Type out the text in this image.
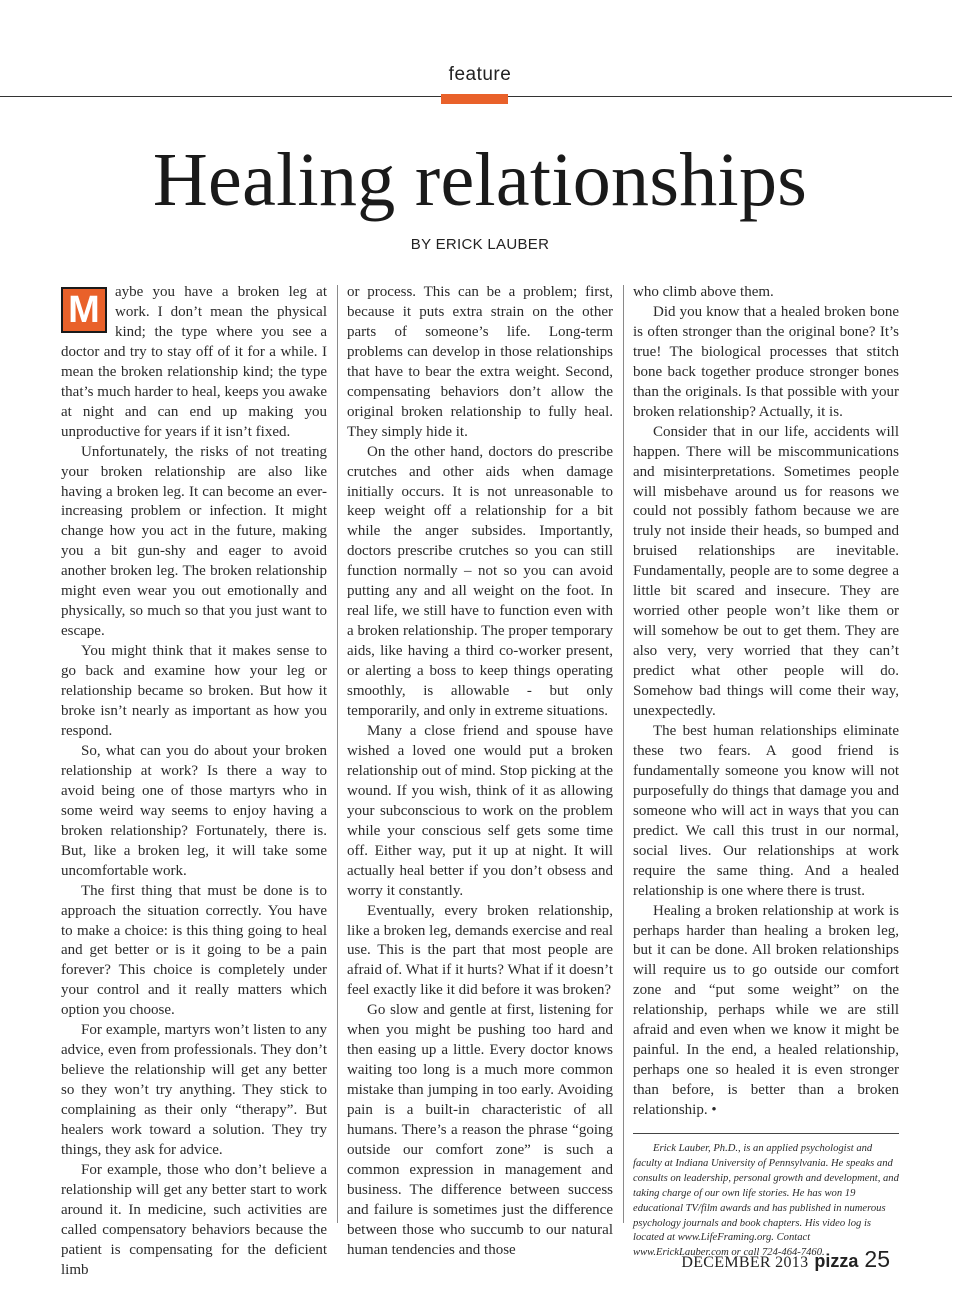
feature
Healing relationships
BY ERICK LAUBER

M	aybe you have a broken leg at work. I don’t mean the physical kind; the type where you see a doctor and try to stay off of it for a while. I mean the broken relationship kind; the type that’s much harder to heal, keeps you awake at night and can end up making you unproductive for years if it isn’t fixed.

Unfortunately, the risks of not treating your broken relationship are also like having a broken leg. It can become an ever-increasing problem or infection. It might change how you act in the future, making you a bit gun-shy and eager to avoid another broken leg. The broken relationship might even wear you out emotionally and physically, so much so that you just want to escape.

You might think that it makes sense to go back and examine how your leg or relationship became so broken. But how it broke isn’t nearly as important as how you respond.

So, what can you do about your broken relationship at work? Is there a way to avoid being one of those martyrs who in some weird way seems to enjoy having a broken relationship? Fortunately, there is. But, like a broken leg, it will take some uncomfortable work.

The first thing that must be done is to approach the situation correctly. You have to make a choice: is this thing going to heal and get better or is it going to be a pain forever? This choice is completely under your control and it really matters which option you choose.

For example, martyrs won’t listen to any advice, even from professionals. They don’t believe the relationship will get any better so they won’t try anything. They stick to complaining as their only “therapy”. But healers work toward a solution. They try things, they ask for advice.

For example, those who don’t believe a relationship will get any better start to work around it. In medicine, such activities are called compensatory behaviors because the patient is compensating for the deficient limb

or process. This can be a problem; first, because it puts extra strain on the other parts of someone’s life. Long-term problems can develop in those relationships that have to bear the extra weight. Second, compensating behaviors don’t allow the original broken relationship to fully heal. They simply hide it.

On the other hand, doctors do prescribe crutches and other aids when damage initially occurs. It is not unreasonable to keep weight off a relationship for a bit while the anger subsides. Importantly, doctors prescribe crutches so you can still function normally – not so you can avoid putting any and all weight on the foot. In real life, we still have to function even with a broken relationship. The proper temporary aids, like having a third co-worker present, or alerting a boss to keep things operating smoothly, is allowable - but only temporarily, and only in extreme situations.

Many a close friend and spouse have wished a loved one would put a broken relationship out of mind. Stop picking at the wound. If you wish, think of it as allowing your subconscious to work on the problem while your conscious self gets some time off. Either way, put it up at night. It will actually heal better if you don’t obsess and worry it constantly.

Eventually, every broken relationship, like a broken leg, demands exercise and real use. This is the part that most people are afraid of. What if it hurts? What if it doesn’t feel exactly like it did before it was broken?

Go slow and gentle at first, listening for when you might be pushing too hard and then easing up a little. Every doctor knows waiting too long is a much more common mistake than jumping in too early. Avoiding pain is a built-in characteristic of all humans. There’s a reason the phrase “going outside our comfort zone” is such a common expression in management and business. The difference between success and failure is sometimes just the difference between those who succumb to our natural human tendencies and those

who climb above them.

Did you know that a healed broken bone is often stronger than the original bone? It’s true! The biological processes that stitch bone back together produce stronger bones than the originals. Is that possible with your broken relationship? Actually, it is.

Consider that in our life, accidents will happen. There will be miscommunications and misinterpretations. Sometimes people will misbehave around us for reasons we could not possibly fathom because we are truly not inside their heads, so bumped and bruised relationships are inevitable. Fundamentally, people are to some degree a little bit scared and insecure. They are worried other people won’t like them or will somehow be out to get them. They are also very, very worried that they can’t predict what other people will do. Somehow bad things will come their way, unexpectedly.

The best human relationships eliminate these two fears. A good friend is fundamentally someone you know will not purposefully do things that damage you and someone who will act in ways that you can predict. We call this trust in our normal, social lives. Our relationships at work require the same thing. And a healed relationship is one where there is trust.

Healing a broken relationship at work is perhaps harder than healing a broken leg, but it can be done. All broken relationships will require us to go outside our comfort zone and “put some weight” on the relationship, perhaps while we are still afraid and even when we know it might be painful. In the end, a healed relationship, perhaps one so healed it is even stronger than before, is better than a broken relationship. •

Erick Lauber, Ph.D., is an applied psychologist and faculty at Indiana University of Pennsylvania. He speaks and consults on leadership, personal growth and development, and taking charge of our own life stories. He has won 19 educational TV/film awards and has published in numerous psychology journals and book chapters. His video log is located at www.LifeFraming.org. Contact www.ErickLauber.com or call 724-464-7460.

DECEMBER 2013 pizza 25
